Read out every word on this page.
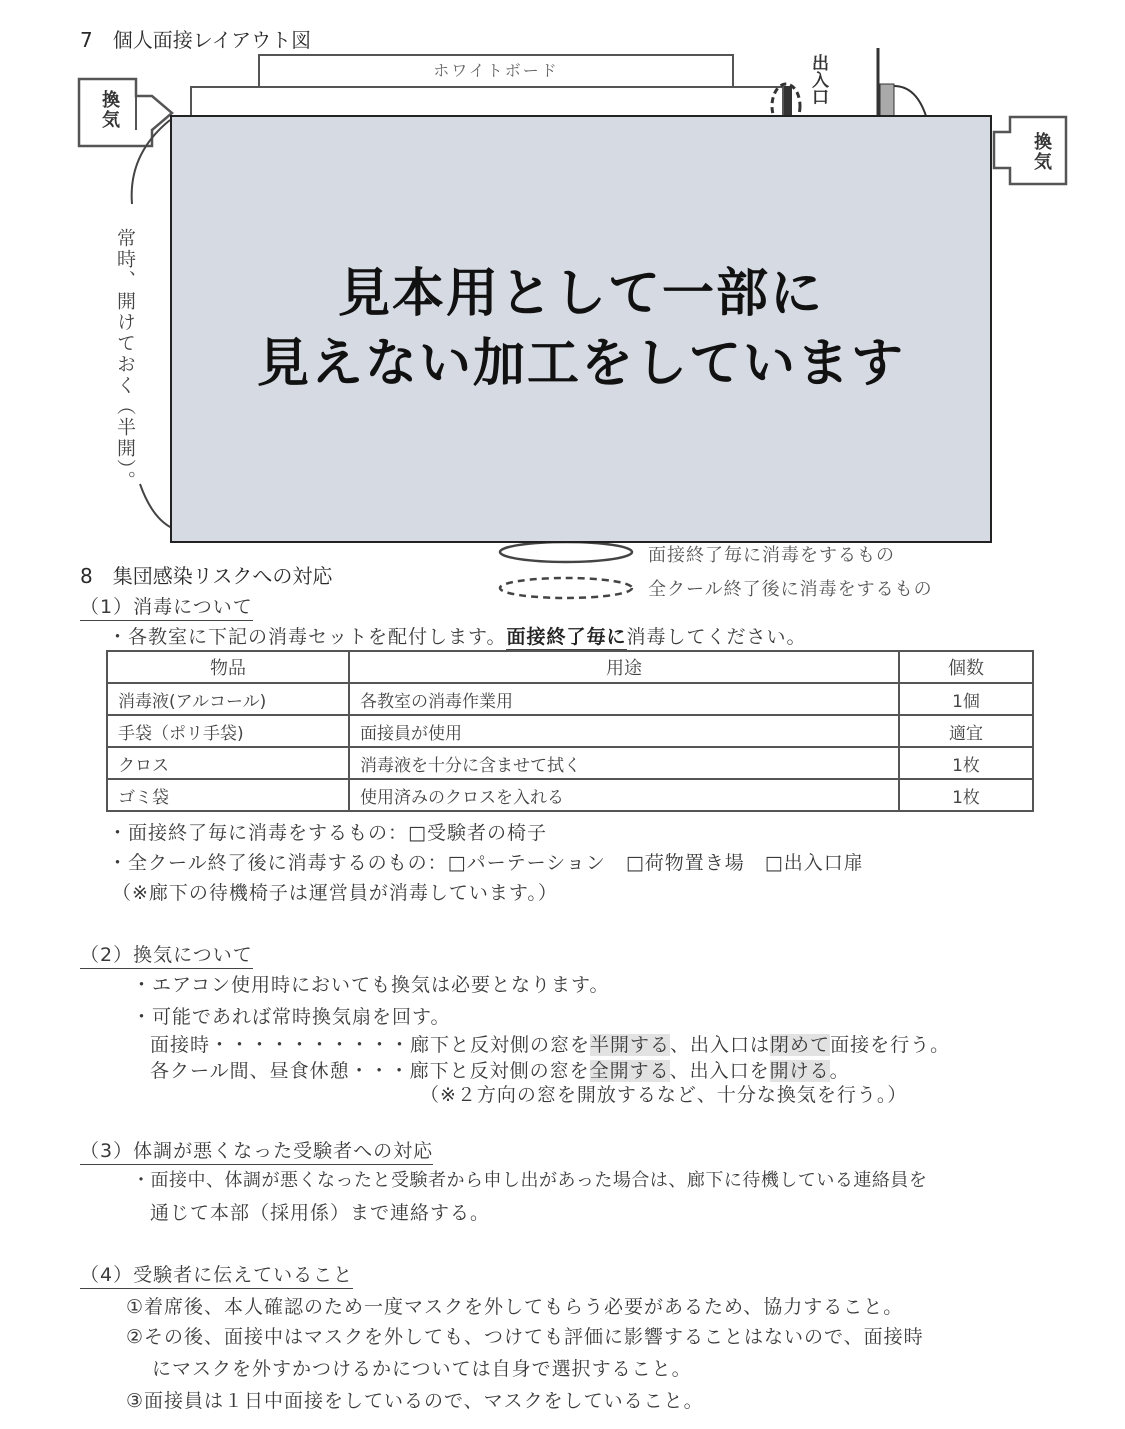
7　個人面接レイアウト図
ホワイトボード
換気
換気
出入口
常時、開けておく（半開）。
面接終了毎に消毒をするもの
全クール終了後に消毒をするもの
見本用として一部に
見えない加工をしています
8　集団感染リスクへの対応
（1）消毒について
・各教室に下記の消毒セットを配付します。面接終了毎に消毒してください。
物品	用途	個数
消毒液(アルコール)	各教室の消毒作業用	1個
手袋（ポリ手袋)	面接員が使用	適宜
クロス	消毒液を十分に含ませて拭く	1枚
ゴミ袋	使用済みのクロスを入れる	1枚
・面接終了毎に消毒をするもの：□受験者の椅子
・全クール終了後に消毒するのもの：□パーテーション　□荷物置き場　□出入口扉
（※廊下の待機椅子は運営員が消毒しています。）
（2）換気について
・エアコン使用時においても換気は必要となります。
・可能であれば常時換気扇を回す。
面接時・・・・・・・・・・廊下と反対側の窓を半開する、出入口は閉めて面接を行う。
各クール間、昼食休憩・・・廊下と反対側の窓を全開する、出入口を開ける。
（※２方向の窓を開放するなど、十分な換気を行う。）
（3）体調が悪くなった受験者への対応
・面接中、体調が悪くなったと受験者から申し出があった場合は、廊下に待機している連絡員を
通じて本部（採用係）まで連絡する。
（4）受験者に伝えていること
①着席後、本人確認のため一度マスクを外してもらう必要があるため、協力すること。
②その後、面接中はマスクを外しても、つけても評価に影響することはないので、面接時
にマスクを外すかつけるかについては自身で選択すること。
③面接員は１日中面接をしているので、マスクをしていること。
